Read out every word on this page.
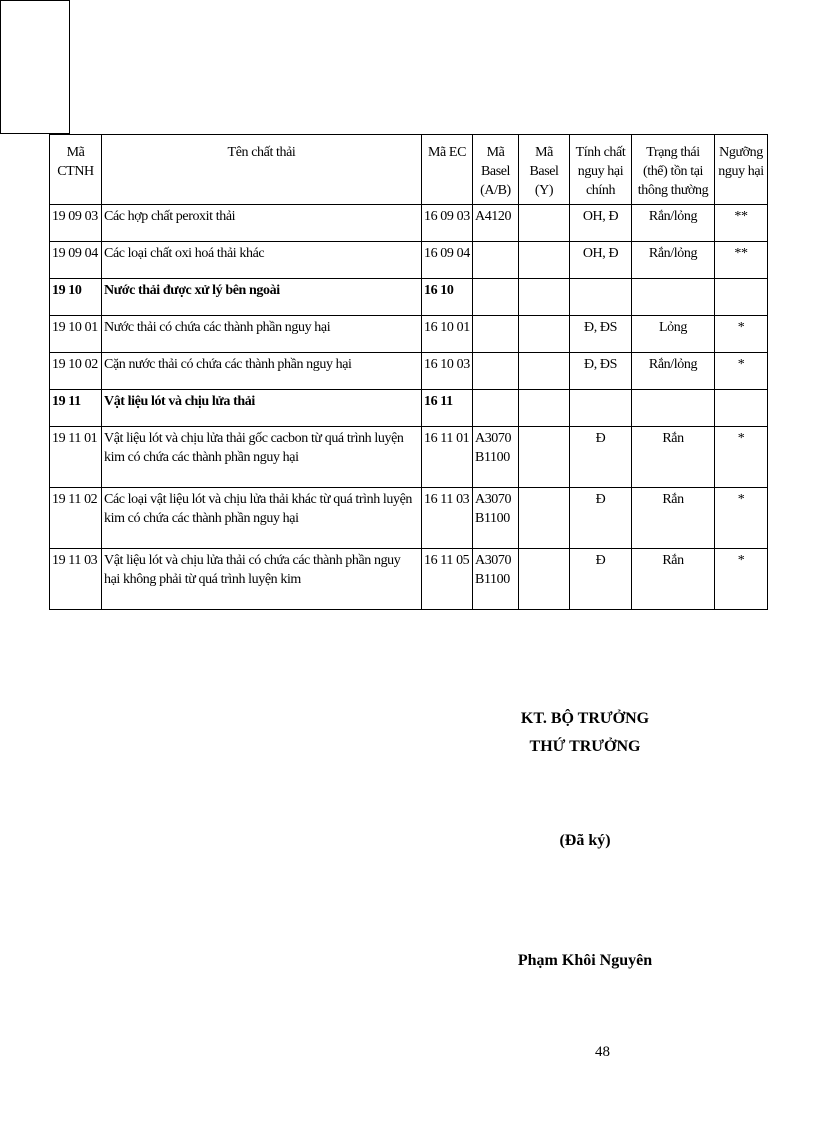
Mã CTNH	Tên chất thải	Mã EC	Mã Basel (A/B)	Mã Basel (Y)	Tính chất nguy hại chính	Trạng thái (thể) tồn tại thông thường	Ngưỡng nguy hại
19 09 03	Các hợp chất peroxit thải	16 09 03	A4120		OH, Đ	Rắn/lỏng	**
19 09 04	Các loại chất oxi hoá thải khác	16 09 04			OH, Đ	Rắn/lỏng	**
19 10	Nước thải được xử lý bên ngoài	16 10					
19 10 01	Nước thải có chứa các thành phần nguy hại	16 10 01			Đ, ĐS	Lỏng	*
19 10 02	Cặn nước thải có chứa các thành phần nguy hại	16 10 03			Đ, ĐS	Rắn/lỏng	*
19 11	Vật liệu lót và chịu lửa thải	16 11					
19 11 01	Vật liệu lót và chịu lửa thải gốc cacbon từ quá trình luyện kim có chứa các thành phần nguy hại	16 11 01	A3070 B1100		Đ	Rắn	*
19 11 02	Các loại vật liệu lót và chịu lửa thải khác từ quá trình luyện kim có chứa các thành phần nguy hại	16 11 03	A3070 B1100		Đ	Rắn	*
19 11 03	Vật liệu lót và chịu lửa thải có chứa các thành phần nguy hại không phải từ quá trình luyện kim	16 11 05	A3070 B1100		Đ	Rắn	*
KT. BỘ TRƯỞNG
THỨ TRƯỞNG
(Đã ký)
Phạm Khôi Nguyên
48
